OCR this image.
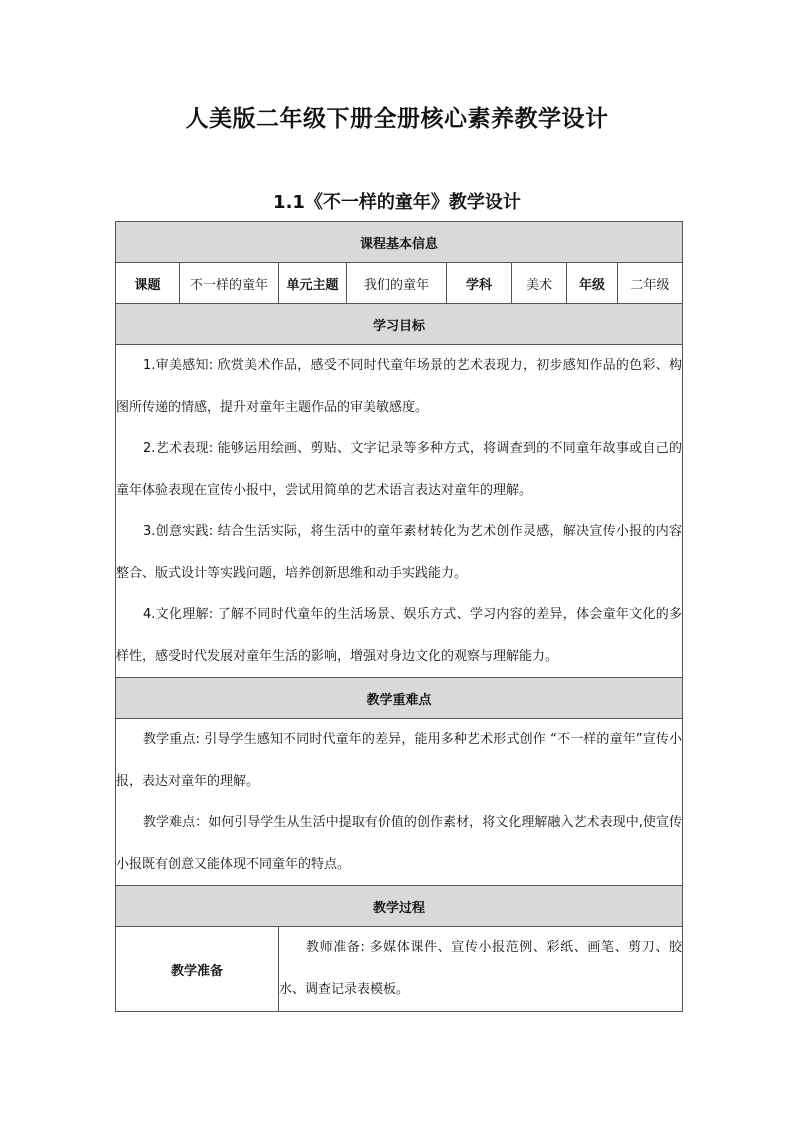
人美版二年级下册全册核心素养教学设计
1.1《不一样的童年》教学设计
课程基本信息							
课题	不一样的童年	单元主题	我们的童年	学科	美术	年级	二年级
学习目标							

1.审美感知: 欣赏美术作品，感受不同时代童年场景的艺术表现力，初步感知作品的色彩、构图所传递的情感，提升对童年主题作品的审美敏感度。

2.艺术表现: 能够运用绘画、剪贴、文字记录等多种方式，将调查到的不同童年故事或自己的童年体验表现在宣传小报中，尝试用简单的艺术语言表达对童年的理解。

3.创意实践: 结合生活实际，将生活中的童年素材转化为艺术创作灵感，解决宣传小报的内容整合、版式设计等实践问题，培养创新思维和动手实践能力。

4.文化理解: 了解不同时代童年的生活场景、娱乐方式、学习内容的差异，体会童年文化的多样性，感受时代发展对童年生活的影响，增强对身边文化的观察与理解能力。							

教学重难点							

教学重点: 引导学生感知不同时代童年的差异，能用多种艺术形式创作 “不一样的童年”宣传小报，表达对童年的理解。

教学难点：如何引导学生从生活中提取有价值的创作素材，将文化理解融入艺术表现中,使宣传小报既有创意又能体现不同童年的特点。							

教学过程							
教学准备		教师准备: 多媒体课件、宣传小报范例、彩纸、画笔、剪刀、胶水、调查记录表模板。					
